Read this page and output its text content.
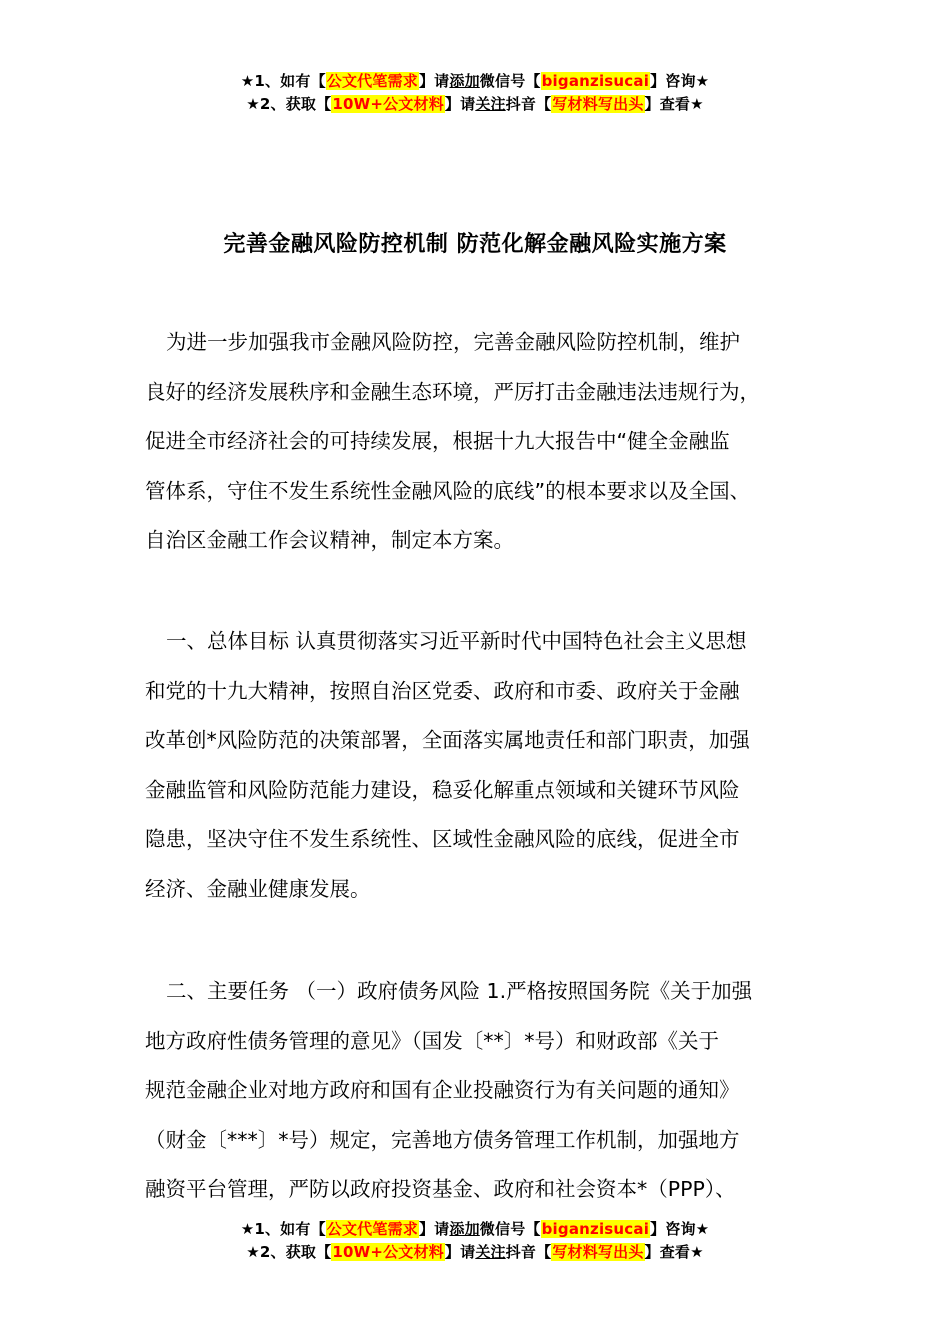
★1、如有【公文代笔需求】请添加微信号【biganzisucai】咨询★
★2、获取【10W+公文材料】请关注抖音【写材料写出头】查看★
完善金融风险防控机制 防范化解金融风险实施方案
为进一步加强我市金融风险防控，完善金融风险防控机制，维护
良好的经济发展秩序和金融生态环境，严厉打击金融违法违规行为，
促进全市经济社会的可持续发展，根据十九大报告中“健全金融监
管体系，守住不发生系统性金融风险的底线”的根本要求以及全国、
自治区金融工作会议精神，制定本方案。
一、总体目标 认真贯彻落实习近平新时代中国特色社会主义思想
和党的十九大精神，按照自治区党委、政府和市委、政府关于金融
改革创*风险防范的决策部署，全面落实属地责任和部门职责，加强
金融监管和风险防范能力建设，稳妥化解重点领域和关键环节风险
隐患，坚决守住不发生系统性、区域性金融风险的底线，促进全市
经济、金融业健康发展。
二、主要任务 （一）政府债务风险 1.严格按照国务院《关于加强
地方政府性债务管理的意见》（国发〔**〕*号）和财政部《关于
规范金融企业对地方政府和国有企业投融资行为有关问题的通知》
（财金〔***〕*号）规定，完善地方债务管理工作机制，加强地方
融资平台管理，严防以政府投资基金、政府和社会资本*（PPP）、
★1、如有【公文代笔需求】请添加微信号【biganzisucai】咨询★
★2、获取【10W+公文材料】请关注抖音【写材料写出头】查看★
